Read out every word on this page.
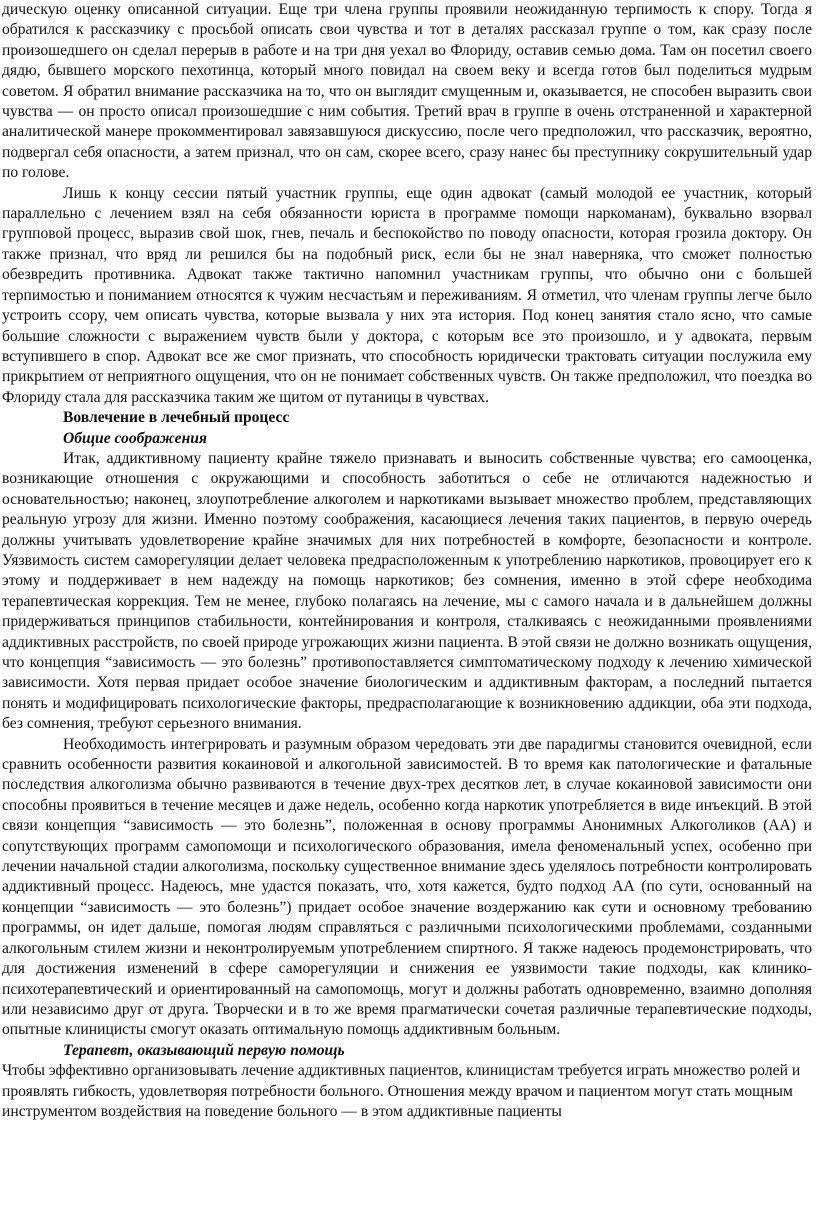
дическую оценку описанной ситуации. Еще три члена группы проявили неожиданную терпимость к спору. Тогда я обратился к рассказчику с просьбой описать свои чувства и тот в деталях рассказал группе о том, как сразу после произошедшего он сделал перерыв в работе и на три дня уехал во Флориду, оставив семью дома. Там он посетил своего дядю, бывшего морского пехотинца, который много повидал на своем веку и всегда готов был поделиться мудрым советом. Я обратил внимание рассказчика на то, что он выглядит смущенным и, оказывается, не способен выразить свои чувства — он просто описал произошедшие с ним события. Третий врач в группе в очень отстраненной и характерной аналитической манере прокомментировал завязавшуюся дискуссию, после чего предположил, что рассказчик, вероятно, подвергал себя опасности, а затем признал, что он сам, скорее всего, сразу нанес бы преступнику сокрушительный удар по голове.

Лишь к концу сессии пятый участник группы, еще один адвокат (самый молодой ее участник, который параллельно с лечением взял на себя обязанности юриста в программе помощи наркоманам), буквально взорвал групповой процесс, выразив свой шок, гнев, печаль и беспокойство по поводу опасности, которая грозила доктору. Он также признал, что вряд ли решился бы на подобный риск, если бы не знал наверняка, что сможет полностью обезвредить противника. Адвокат также тактично напомнил участникам группы, что обычно они с большей терпимостью и пониманием относятся к чужим несчастьям и переживаниям. Я отметил, что членам группы легче было устроить ссору, чем описать чувства, которые вызвала у них эта история. Под конец занятия стало ясно, что самые большие сложности с выражением чувств были у доктора, с которым все это произошло, и у адвоката, первым вступившего в спор. Адвокат все же смог признать, что способность юридически трактовать ситуации послужила ему прикрытием от неприятного ощущения, что он не понимает собственных чувств. Он также предположил, что поездка во Флориду стала для рассказчика таким же щитом от путаницы в чувствах.

Вовлечение в лечебный процесс
Общие соображения

Итак, аддиктивному пациенту крайне тяжело признавать и выносить собственные чувства; его самооценка, возникающие отношения с окружающими и способность заботиться о себе не отличаются надежностью и основательностью; наконец, злоупотребление алкоголем и наркотиками вызывает множество проблем, представляющих реальную угрозу для жизни. Именно поэтому соображения, касающиеся лечения таких пациентов, в первую очередь должны учитывать удовлетворение крайне значимых для них потребностей в комфорте, безопасности и контроле. Уязвимость систем саморегуляции делает человека предрасположенным к употреблению наркотиков, провоцирует его к этому и поддерживает в нем надежду на помощь наркотиков; без сомнения, именно в этой сфере необходима терапевтическая коррекция. Тем не менее, глубоко полагаясь на лечение, мы с самого начала и в дальнейшем должны придерживаться принципов стабильности, контейнирования и контроля, сталкиваясь с неожиданными проявлениями аддиктивных расстройств, по своей природе угрожающих жизни пациента. В этой связи не должно возникать ощущения, что концепция “зависимость — это болезнь” противопоставляется симптоматическому подходу к лечению химической зависимости. Хотя первая придает особое значение биологическим и аддиктивным факторам, а последний пытается понять и модифицировать психологические факторы, предрасполагающие к возникновению аддикции, оба эти подхода, без сомнения, требуют серьезного внимания.

Необходимость интегрировать и разумным образом чередовать эти две парадигмы становится очевидной, если сравнить особенности развития кокаиновой и алкогольной зависимостей. В то время как патологические и фатальные последствия алкоголизма обычно развиваются в течение двух-трех десятков лет, в случае кокаиновой зависимости они способны проявиться в течение месяцев и даже недель, особенно когда наркотик употребляется в виде инъекций. В этой связи концепция “зависимость — это болезнь”, положенная в основу программы Анонимных Алкоголиков (АА) и сопутствующих программ самопомощи и психологического образования, имела феноменальный успех, особенно при лечении начальной стадии алкоголизма, поскольку существенное внимание здесь уделялось потребности контролировать аддиктивный процесс. Надеюсь, мне удастся показать, что, хотя кажется, будто подход АА (по сути, основанный на концепции “зависимость — это болезнь”) придает особое значение воздержанию как сути и основному требованию программы, он идет дальше, помогая людям справляться с различными психологическими проблемами, созданными алкогольным стилем жизни и неконтролируемым употреблением спиртного. Я также надеюсь продемонстрировать, что для достижения изменений в сфере саморегуляции и снижения ее уязвимости такие подходы, как клинико-психотерапевтический и ориентированный на самопомощь, могут и должны работать одновременно, взаимно дополняя или независимо друг от друга. Творчески и в то же время прагматически сочетая различные терапевтические подходы, опытные клиницисты смогут оказать оптимальную помощь аддиктивным больным.

Терапевт, оказывающий первую помощь

Чтобы эффективно организовывать лечение аддиктивных пациентов, клиницистам требуется играть множество ролей и проявлять гибкость, удовлетворяя потребности больного. Отношения между врачом и пациентом могут стать мощным инструментом воздействия на поведение больного — в этом аддиктивные пациенты
